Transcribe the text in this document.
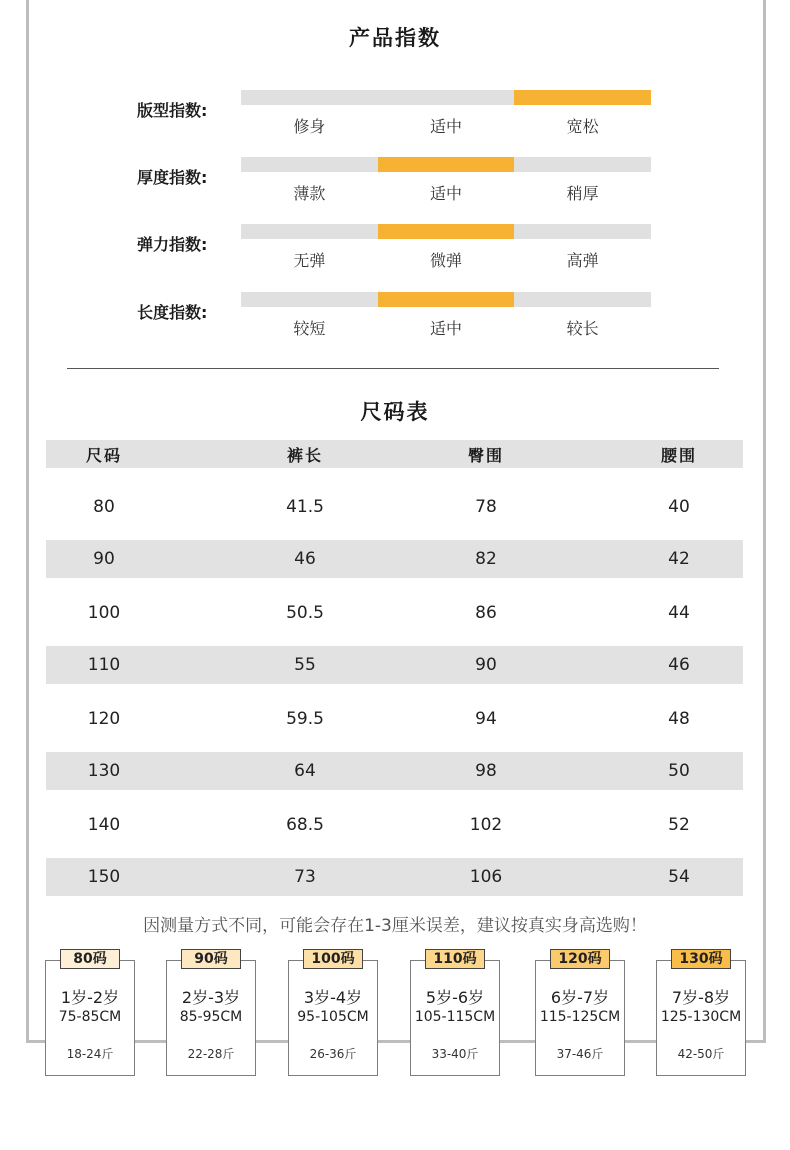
产品指数
版型指数:
修身	适中	宽松
厚度指数:
薄款	适中	稍厚
弹力指数:
无弹	微弹	高弹
长度指数:
较短	适中	较长
尺码表
尺码	裤长	臀围	腰围
80	41.5	78	40
90	46	82	42
100	50.5	86	44
110	55	90	46
120	59.5	94	48
130	64	98	50
140	68.5	102	52
150	73	106	54
因测量方式不同，可能会存在1-3厘米误差，建议按真实身高选购！
80码
1岁-2岁
75-85CM
18-24斤
90码
2岁-3岁
85-95CM
22-28斤
100码
3岁-4岁
95-105CM
26-36斤
110码
5岁-6岁
105-115CM
33-40斤
120码
6岁-7岁
115-125CM
37-46斤
130码
7岁-8岁
125-130CM
42-50斤
